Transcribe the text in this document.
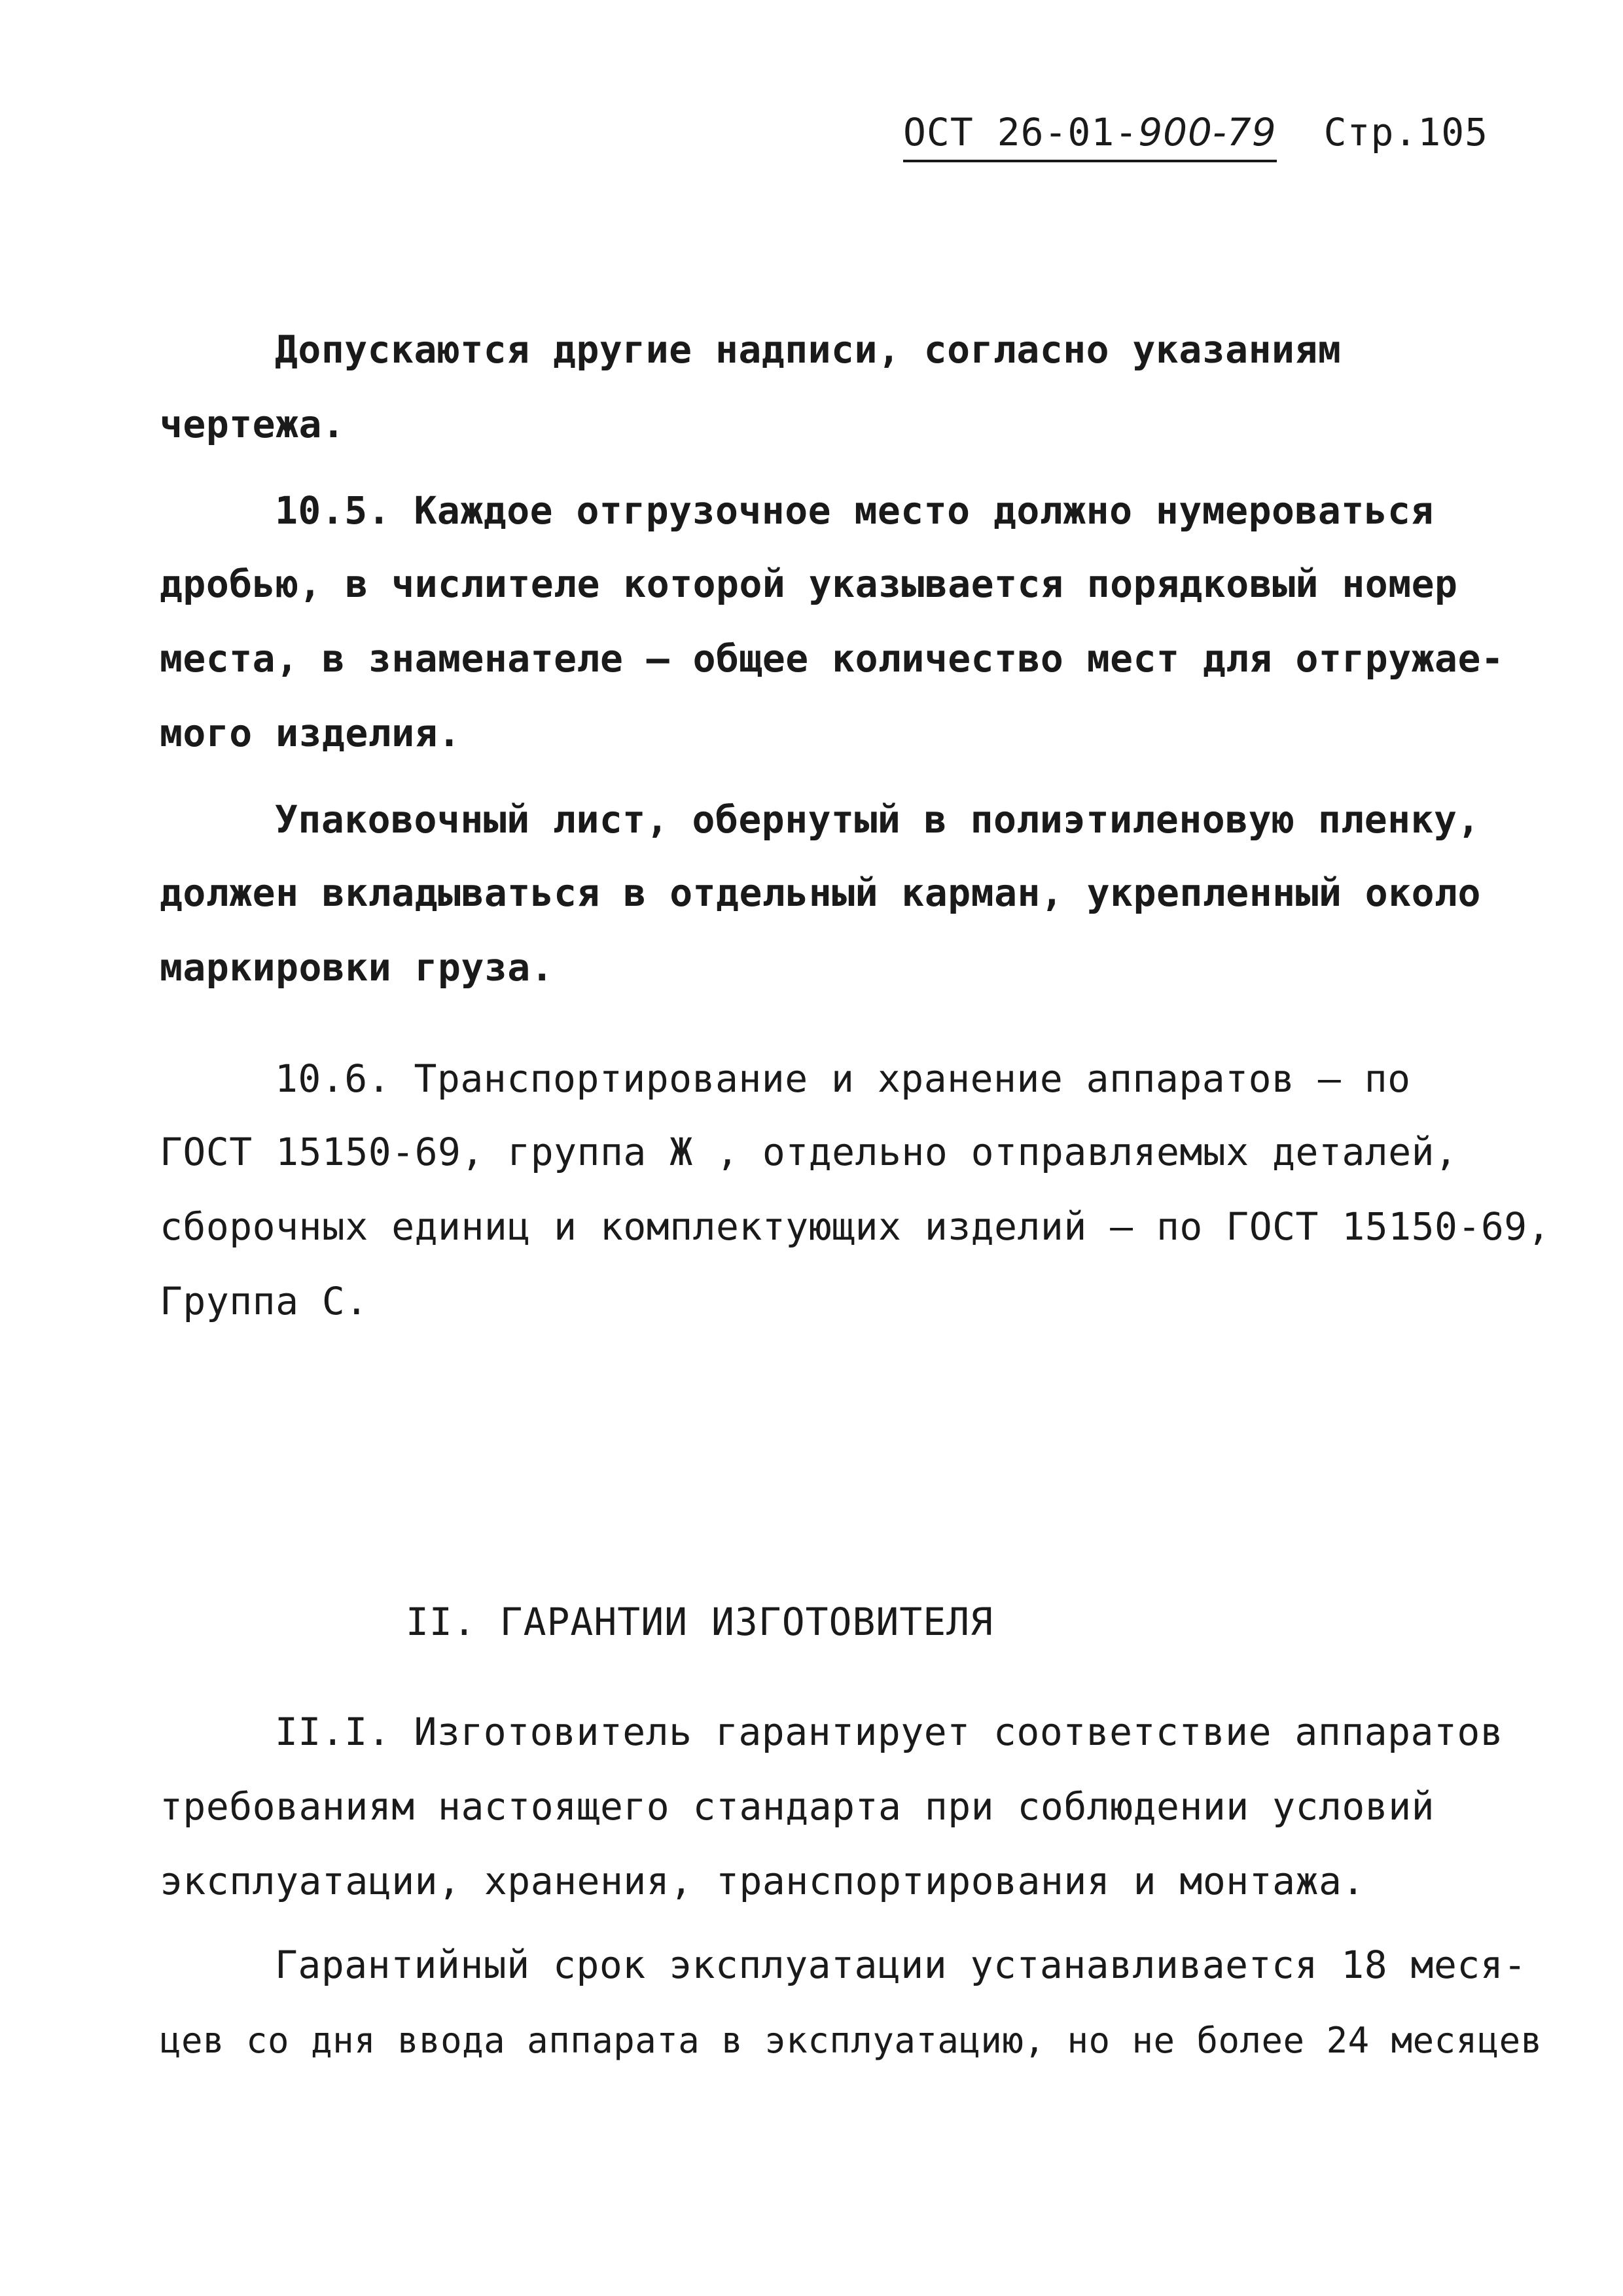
ОСТ 26-01-900-79 Стр.105
Допускаются другие надписи, согласно указаниям
чертежа.
10.5. Каждое отгрузочное место должно нумероваться
дробью, в числителе которой указывается порядковый номер
места, в знаменателе – общее количество мест для отгружае-
мого изделия.
Упаковочный лист, обернутый в полиэтиленовую пленку,
должен вкладываться в отдельный карман, укрепленный около
маркировки груза.
10.6. Транспортирование и хранение аппаратов – по
ГОСТ 15150-69, группа Ж , отдельно отправляемых деталей,
сборочных единиц и комплектующих изделий – по ГОСТ 15150-69,
Группа С.
II. ГАРАНТИИ ИЗГОТОВИТЕЛЯ
II.I. Изготовитель гарантирует соответствие аппаратов
требованиям настоящего стандарта при соблюдении условий
эксплуатации, хранения, транспортирования и монтажа.
Гарантийный срок эксплуатации устанавливается 18 меся-
цев со дня ввода аппарата в эксплуатацию, но не более 24 месяцев
